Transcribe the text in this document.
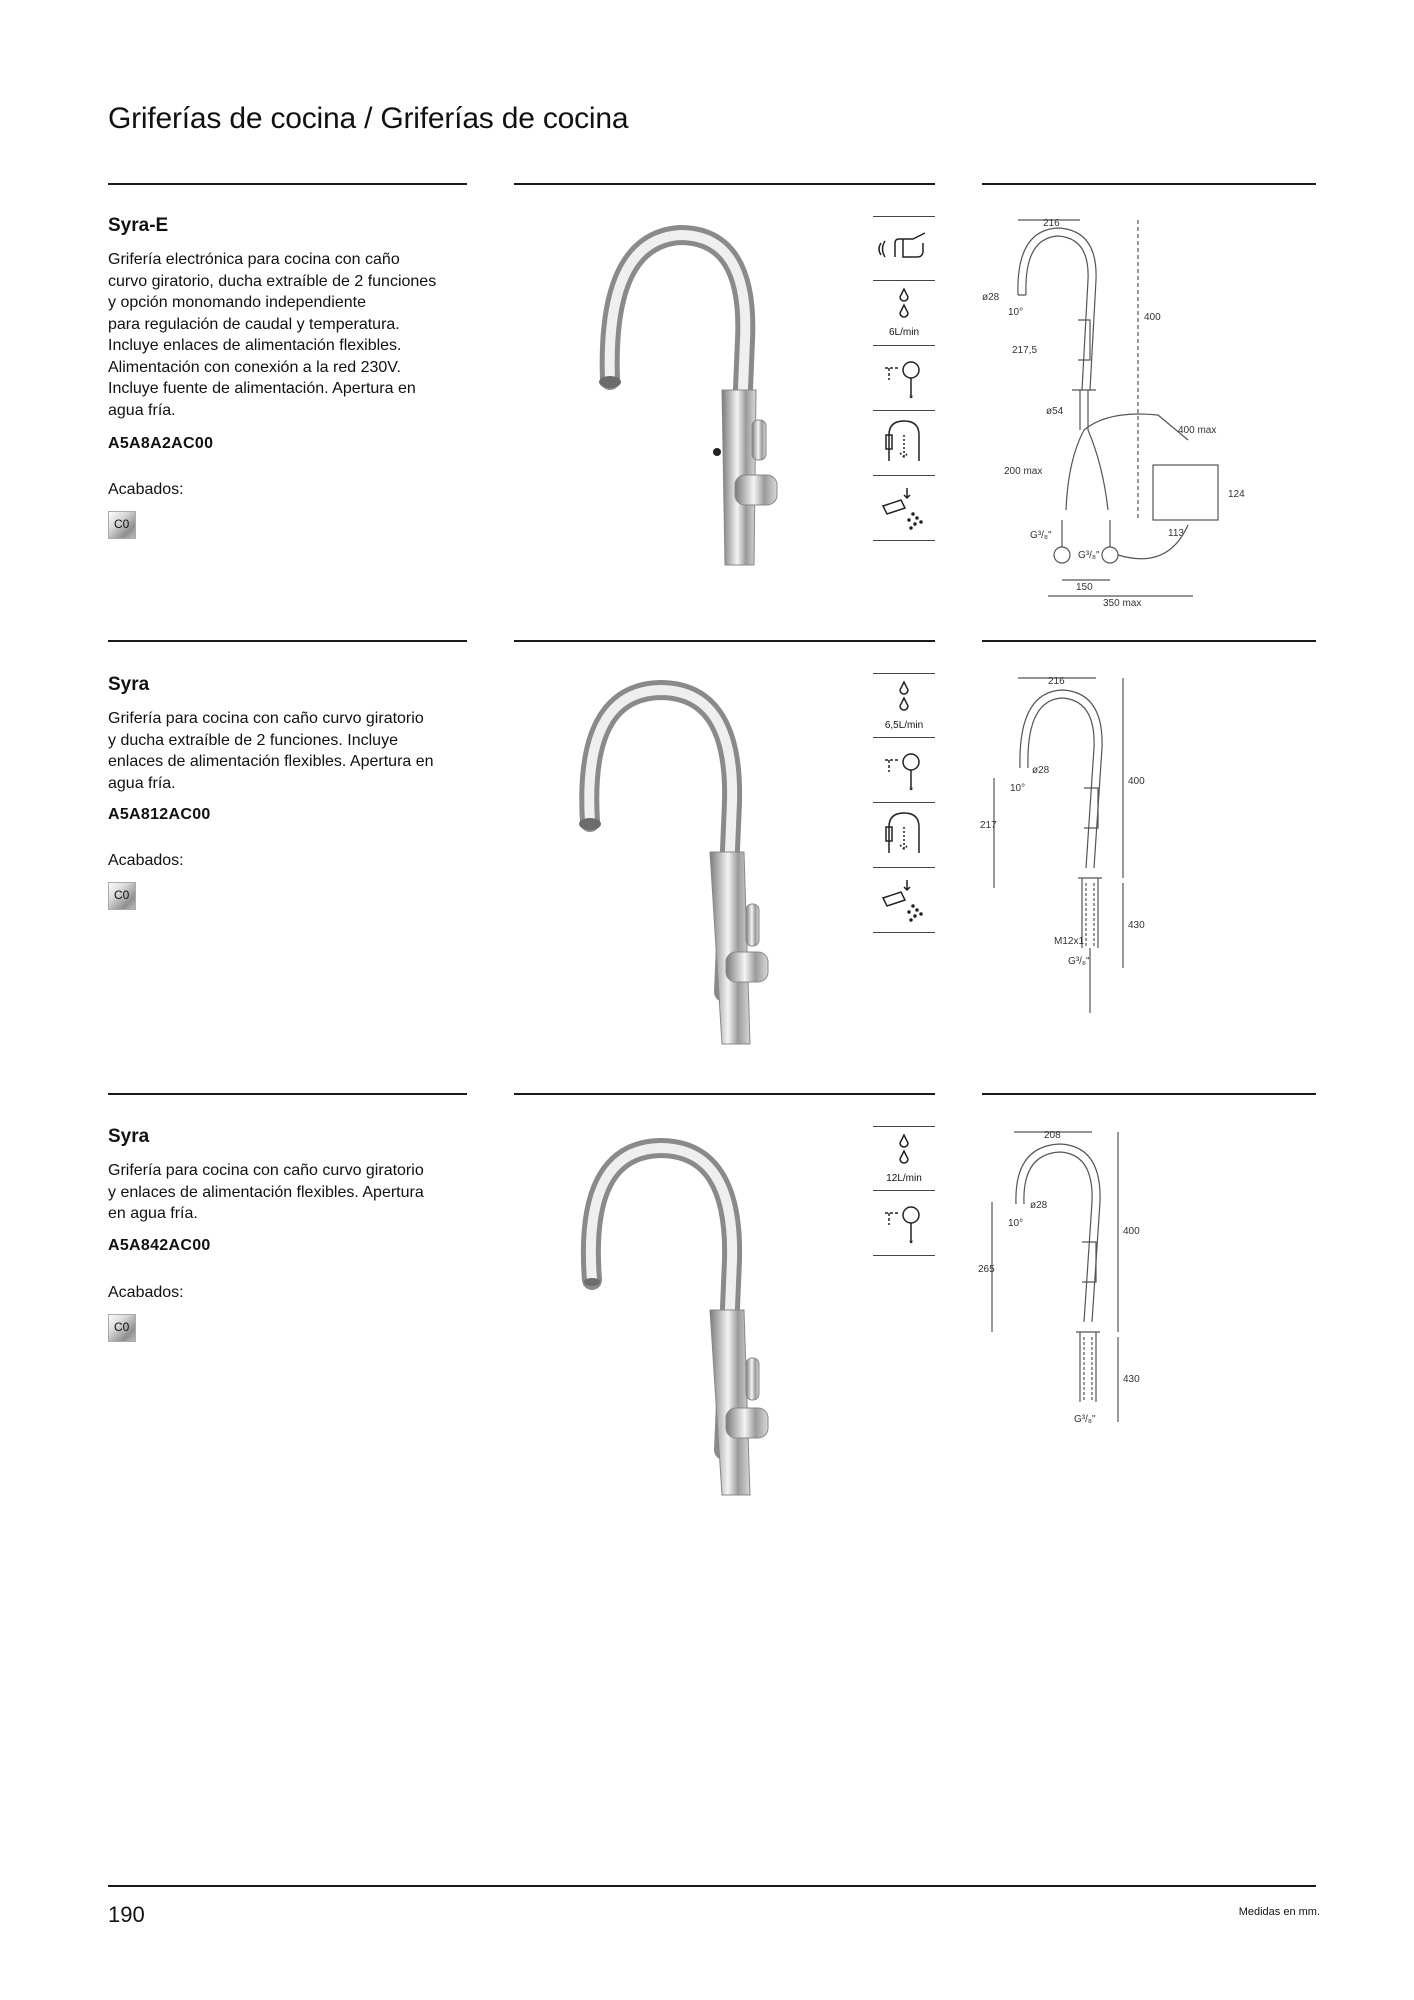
Griferías de cocina / Griferías de cocina
Syra-E
Grifería electrónica para cocina con caño
curvo giratorio, ducha extraíble de 2 funciones
y opción monomando independiente
para regulación de caudal y temperatura.
Incluye enlaces de alimentación flexibles.
Alimentación con conexión a la red 230V.
Incluye fuente de alimentación. Apertura en
agua fría.
A5A8A2AC00
Acabados:
C0
6L/min
*
216
ø28
10°
217,5
400
ø54
400 max
124
113
200 max
G³/₈"
G³/₈"
150
350 max
Syra
Grifería para cocina con caño curvo giratorio
y ducha extraíble de 2 funciones. Incluye
enlaces de alimentación flexibles. Apertura en
agua fría.
A5A812AC00
Acabados:
C0
6,5L/min
*
216
ø28
10°
217
400
430
M12x1
G³/₈"
Syra
Grifería para cocina con caño curvo giratorio
y enlaces de alimentación flexibles. Apertura
en agua fría.
A5A842AC00
Acabados:
C0
12L/min
*
208
ø28
10°
265
400
430
G³/₈"
190	Medidas en mm.
